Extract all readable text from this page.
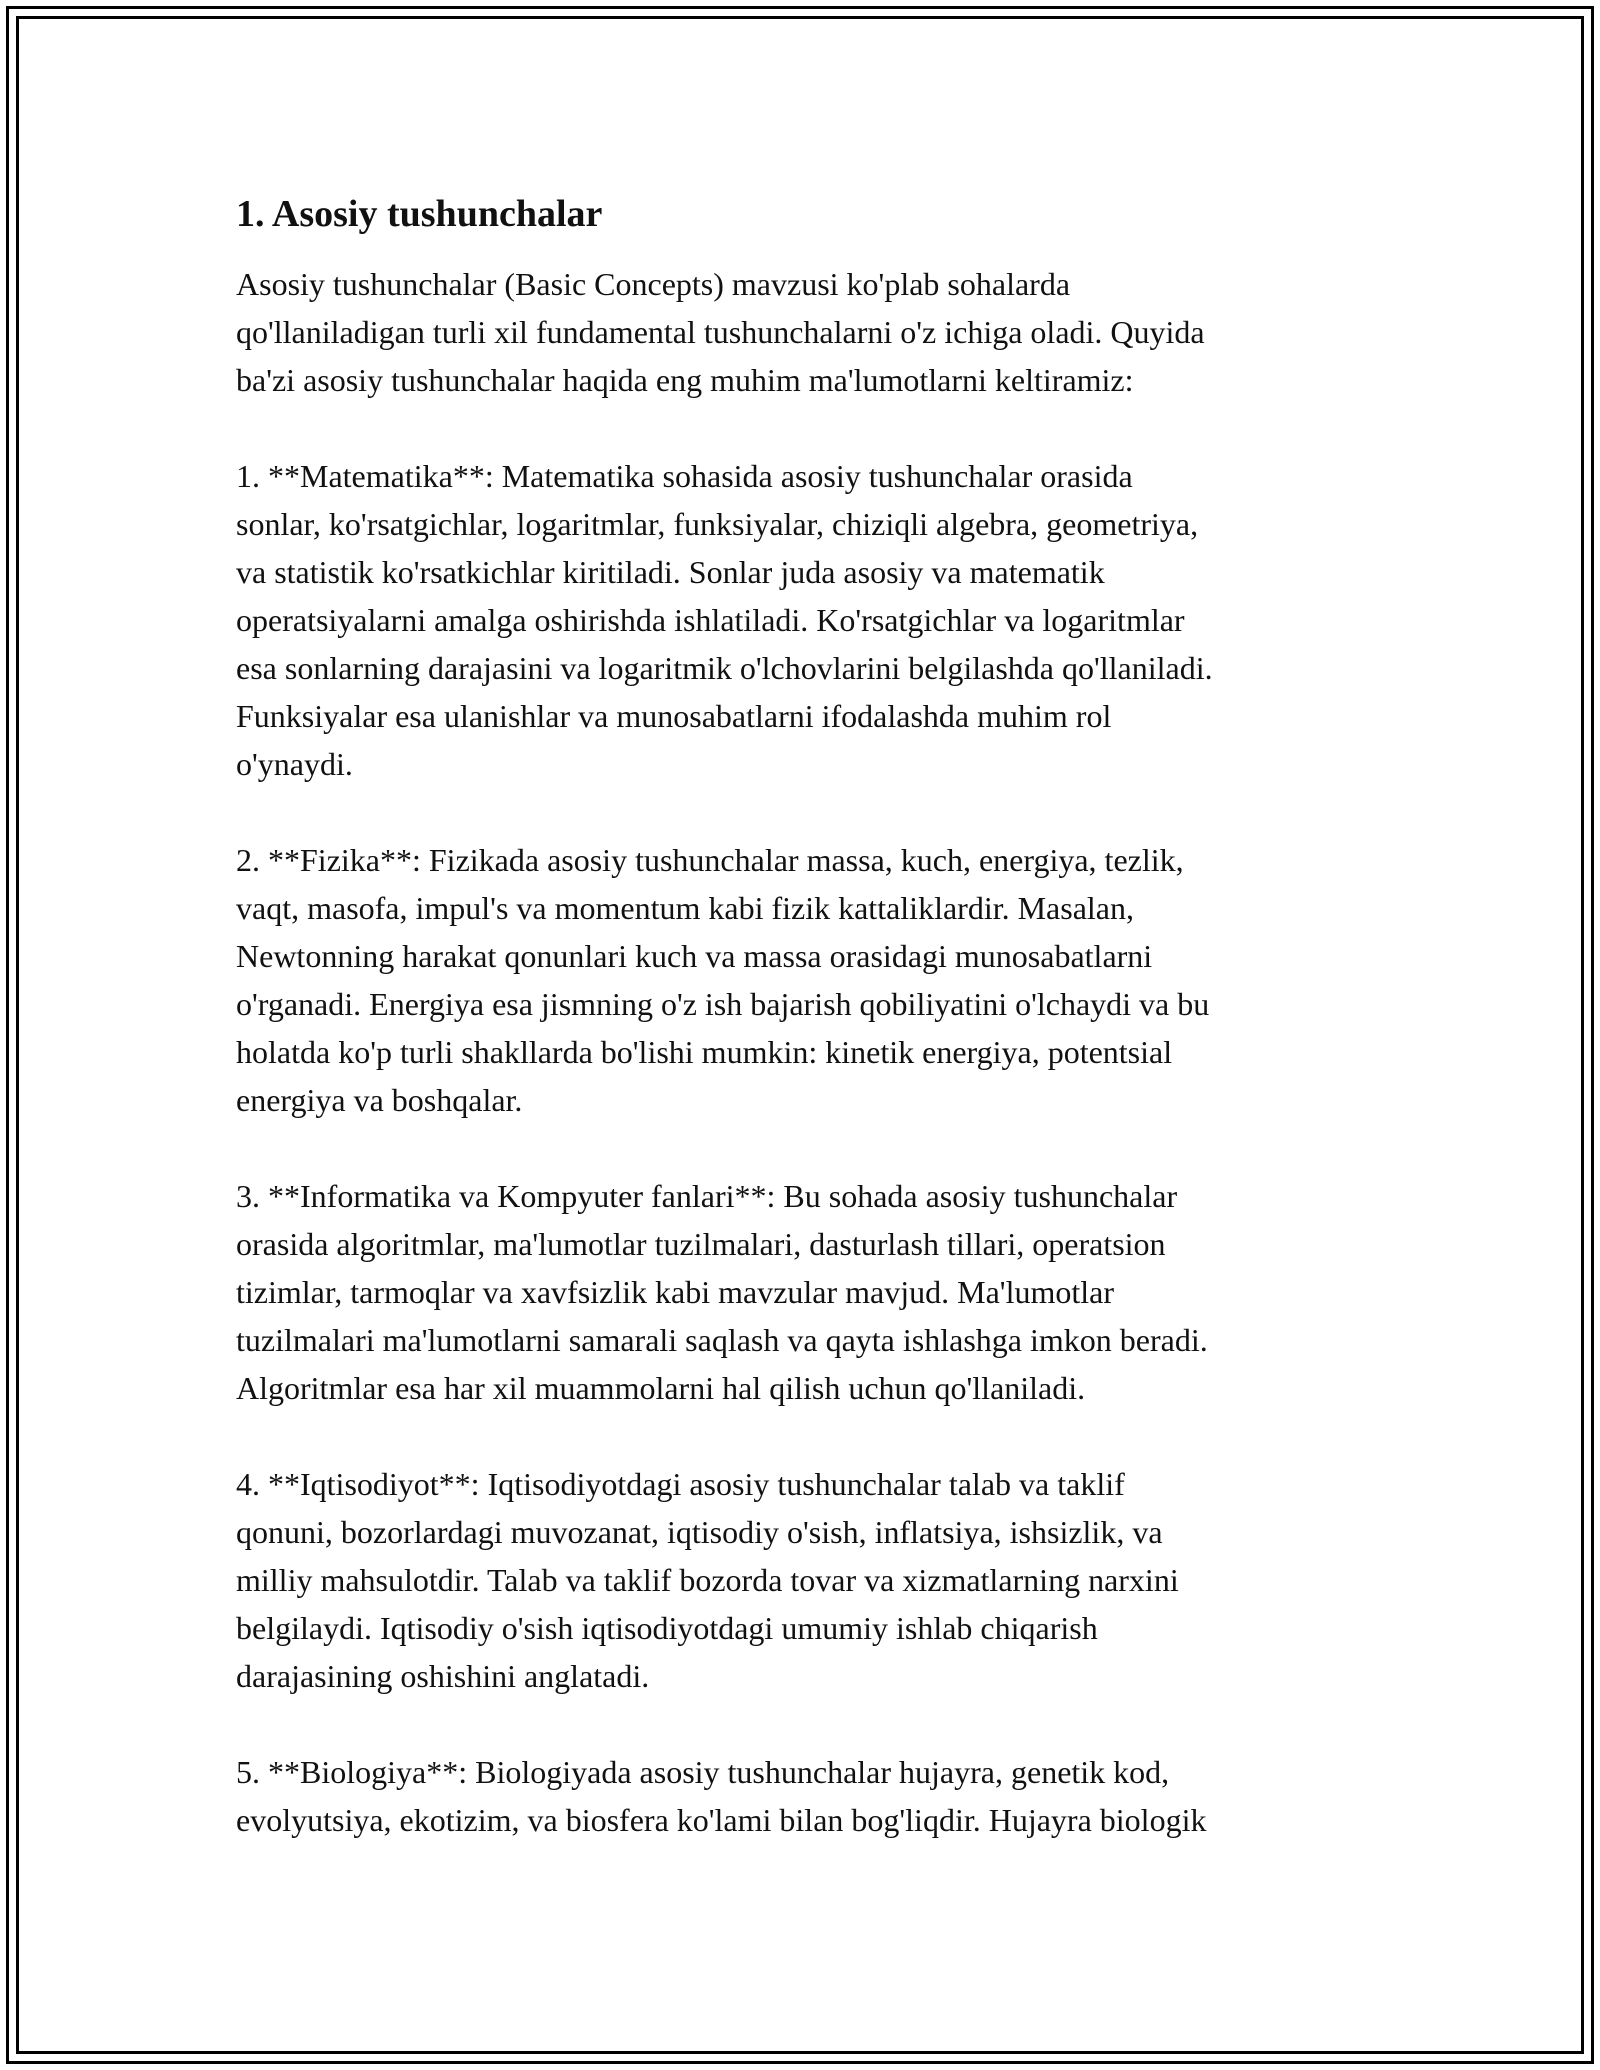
1. Asosiy tushunchalar

Asosiy tushunchalar (Basic Concepts) mavzusi ko'plab sohalarda
qo'llaniladigan turli xil fundamental tushunchalarni o'z ichiga oladi. Quyida
ba'zi asosiy tushunchalar haqida eng muhim ma'lumotlarni keltiramiz:

1. **Matematika**: Matematika sohasida asosiy tushunchalar orasida
sonlar, ko'rsatgichlar, logaritmlar, funksiyalar, chiziqli algebra, geometriya,
va statistik ko'rsatkichlar kiritiladi. Sonlar juda asosiy va matematik
operatsiyalarni amalga oshirishda ishlatiladi. Ko'rsatgichlar va logaritmlar
esa sonlarning darajasini va logaritmik o'lchovlarini belgilashda qo'llaniladi.
Funksiyalar esa ulanishlar va munosabatlarni ifodalashda muhim rol
o'ynaydi.

2. **Fizika**: Fizikada asosiy tushunchalar massa, kuch, energiya, tezlik,
vaqt, masofa, impul's va momentum kabi fizik kattaliklardir. Masalan,
Newtonning harakat qonunlari kuch va massa orasidagi munosabatlarni
o'rganadi. Energiya esa jismning o'z ish bajarish qobiliyatini o'lchaydi va bu
holatda ko'p turli shakllarda bo'lishi mumkin: kinetik energiya, potentsial
energiya va boshqalar.

3. **Informatika va Kompyuter fanlari**: Bu sohada asosiy tushunchalar
orasida algoritmlar, ma'lumotlar tuzilmalari, dasturlash tillari, operatsion
tizimlar, tarmoqlar va xavfsizlik kabi mavzular mavjud. Ma'lumotlar
tuzilmalari ma'lumotlarni samarali saqlash va qayta ishlashga imkon beradi.
Algoritmlar esa har xil muammolarni hal qilish uchun qo'llaniladi.

4. **Iqtisodiyot**: Iqtisodiyotdagi asosiy tushunchalar talab va taklif
qonuni, bozorlardagi muvozanat, iqtisodiy o'sish, inflatsiya, ishsizlik, va
milliy mahsulotdir. Talab va taklif bozorda tovar va xizmatlarning narxini
belgilaydi. Iqtisodiy o'sish iqtisodiyotdagi umumiy ishlab chiqarish
darajasining oshishini anglatadi.

5. **Biologiya**: Biologiyada asosiy tushunchalar hujayra, genetik kod,
evolyutsiya, ekotizim, va biosfera ko'lami bilan bog'liqdir. Hujayra biologik
